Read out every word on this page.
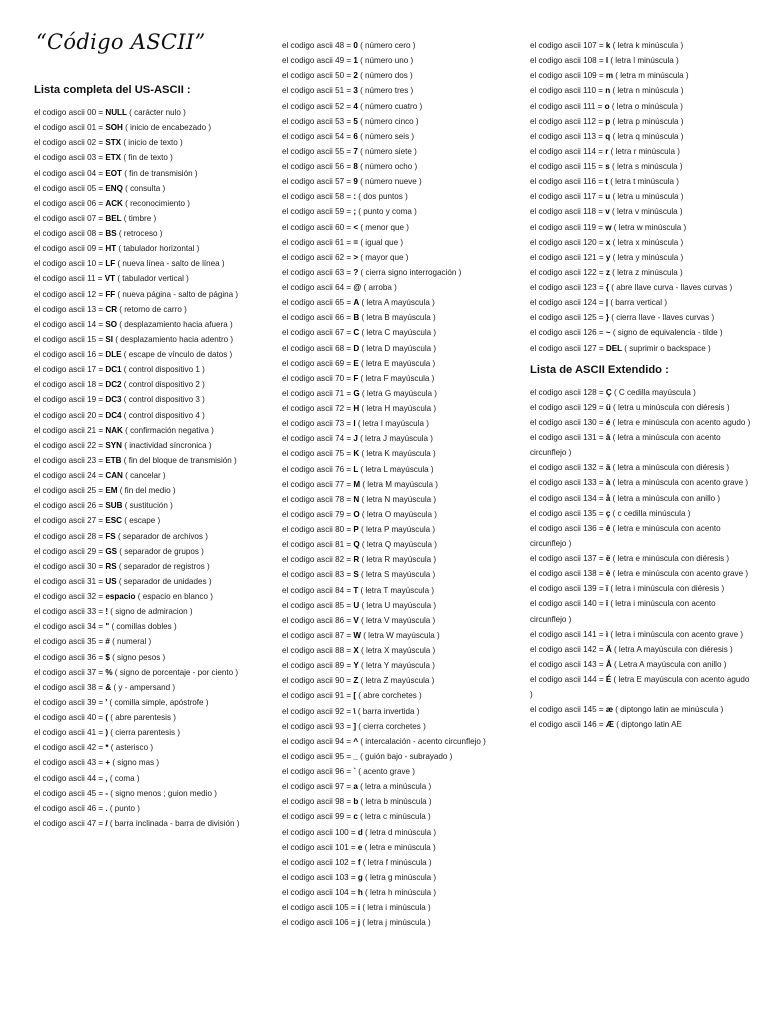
“Código ASCII”
Lista completa del US-ASCII :
el codigo ascii 00 = NULL ( carácter nulo )
el codigo ascii 01 = SOH ( inicio de encabezado )
el codigo ascii 02 = STX ( inicio de texto )
el codigo ascii 03 = ETX ( fin de texto )
el codigo ascii 04 = EOT ( fin de transmisión )
el codigo ascii 05 = ENQ ( consulta )
el codigo ascii 06 = ACK ( reconocimiento )
el codigo ascii 07 = BEL ( timbre )
el codigo ascii 08 = BS ( retroceso )
el codigo ascii 09 = HT ( tabulador horizontal )
el codigo ascii 10 = LF ( nueva línea - salto de línea )
el codigo ascii 11 = VT ( tabulador vertical )
el codigo ascii 12 = FF ( nueva página - salto de página )
el codigo ascii 13 = CR ( retorno de carro )
el codigo ascii 14 = SO ( desplazamiento hacia afuera )
el codigo ascii 15 = SI ( desplazamiento hacia adentro )
el codigo ascii 16 = DLE ( escape de vínculo de datos )
el codigo ascii 17 = DC1 ( control dispositivo 1 )
el codigo ascii 18 = DC2 ( control dispositivo 2 )
el codigo ascii 19 = DC3 ( control dispositivo 3 )
el codigo ascii 20 = DC4 ( control dispositivo 4 )
el codigo ascii 21 = NAK ( confirmación negativa )
el codigo ascii 22 = SYN ( inactividad síncronica )
el codigo ascii 23 = ETB ( fin del bloque de transmisión )
el codigo ascii 24 = CAN ( cancelar )
el codigo ascii 25 = EM ( fin del medio )
el codigo ascii 26 = SUB ( sustitución )
el codigo ascii 27 = ESC ( escape )
el codigo ascii 28 = FS ( separador de archivos )
el codigo ascii 29 = GS ( separador de grupos )
el codigo ascii 30 = RS ( separador de registros )
el codigo ascii 31 = US ( separador de unidades )
el codigo ascii 32 = espacio ( espacio en blanco )
el codigo ascii 33 = ! ( signo de admiracion )
el codigo ascii 34 = " ( comillas dobles )
el codigo ascii 35 = # ( numeral )
el codigo ascii 36 = $ ( signo pesos )
el codigo ascii 37 = % ( signo de porcentaje - por ciento )
el codigo ascii 38 = & ( y - ampersand )
el codigo ascii 39 = ' ( comilla simple, apóstrofe )
el codigo ascii 40 = ( ( abre parentesis )
el codigo ascii 41 = ) ( cierra parentesis )
el codigo ascii 42 = * ( asterisco )
el codigo ascii 43 = + ( signo mas )
el codigo ascii 44 = , ( coma )
el codigo ascii 45 = - ( signo menos ; guion medio )
el codigo ascii 46 = . ( punto )
el codigo ascii 47 = / ( barra inclinada - barra de división )
el codigo ascii 48 = 0 ( número cero )
el codigo ascii 49 = 1 ( número uno )
el codigo ascii 50 = 2 ( número dos )
el codigo ascii 51 = 3 ( número tres )
el codigo ascii 52 = 4 ( número cuatro )
el codigo ascii 53 = 5 ( número cinco )
el codigo ascii 54 = 6 ( número seis )
el codigo ascii 55 = 7 ( número siete )
el codigo ascii 56 = 8 ( número ocho )
el codigo ascii 57 = 9 ( número nueve )
el codigo ascii 58 = : ( dos puntos )
el codigo ascii 59 = ; ( punto y coma )
el codigo ascii 60 = < ( menor que )
el codigo ascii 61 = = ( igual que )
el codigo ascii 62 = > ( mayor que )
el codigo ascii 63 = ? ( cierra signo interrogación )
el codigo ascii 64 = @ ( arroba )
el codigo ascii 65 = A ( letra A mayúscula )
el codigo ascii 66 = B ( letra B mayúscula )
el codigo ascii 67 = C ( letra C mayúscula )
el codigo ascii 68 = D ( letra D mayúscula )
el codigo ascii 69 = E ( letra E mayúscula )
el codigo ascii 70 = F ( letra F mayúscula )
el codigo ascii 71 = G ( letra G mayúscula )
el codigo ascii 72 = H ( letra H mayúscula )
el codigo ascii 73 = I ( letra I mayúscula )
el codigo ascii 74 = J ( letra J mayúscula )
el codigo ascii 75 = K ( letra K mayúscula )
el codigo ascii 76 = L ( letra L mayúscula )
el codigo ascii 77 = M ( letra M mayúscula )
el codigo ascii 78 = N ( letra N mayúscula )
el codigo ascii 79 = O ( letra O mayúscula )
el codigo ascii 80 = P ( letra P mayúscula )
el codigo ascii 81 = Q ( letra Q mayúscula )
el codigo ascii 82 = R ( letra R mayúscula )
el codigo ascii 83 = S ( letra S mayúscula )
el codigo ascii 84 = T ( letra T mayúscula )
el codigo ascii 85 = U ( letra U mayúscula )
el codigo ascii 86 = V ( letra V mayúscula )
el codigo ascii 87 = W ( letra W mayúscula )
el codigo ascii 88 = X ( letra X mayúscula )
el codigo ascii 89 = Y ( letra Y mayúscula )
el codigo ascii 90 = Z ( letra Z mayúscula )
el codigo ascii 91 = [ ( abre corchetes )
el codigo ascii 92 = \ ( barra invertida )
el codigo ascii 93 = ] ( cierra corchetes )
el codigo ascii 94 = ^ ( intercalación - acento circunflejo )
el codigo ascii 95 = _ ( guión bajo - subrayado )
el codigo ascii 96 = ` ( acento grave )
el codigo ascii 97 = a ( letra a minúscula )
el codigo ascii 98 = b ( letra b minúscula )
el codigo ascii 99 = c ( letra c minúscula )
el codigo ascii 100 = d ( letra d minúscula )
el codigo ascii 101 = e ( letra e minúscula )
el codigo ascii 102 = f ( letra f minúscula )
el codigo ascii 103 = g ( letra g minúscula )
el codigo ascii 104 = h ( letra h minúscula )
el codigo ascii 105 = i ( letra i minúscula )
el codigo ascii 106 = j ( letra j minúscula )
el codigo ascii 107 = k ( letra k minúscula )
el codigo ascii 108 = l ( letra l minúscula )
el codigo ascii 109 = m ( letra m minúscula )
el codigo ascii 110 = n ( letra n minúscula )
el codigo ascii 111 = o ( letra o minúscula )
el codigo ascii 112 = p ( letra p minúscula )
el codigo ascii 113 = q ( letra q minúscula )
el codigo ascii 114 = r ( letra r minúscula )
el codigo ascii 115 = s ( letra s minúscula )
el codigo ascii 116 = t ( letra t minúscula )
el codigo ascii 117 = u ( letra u minúscula )
el codigo ascii 118 = v ( letra v minúscula )
el codigo ascii 119 = w ( letra w minúscula )
el codigo ascii 120 = x ( letra x minúscula )
el codigo ascii 121 = y ( letra y minúscula )
el codigo ascii 122 = z ( letra z minúscula )
el codigo ascii 123 = { ( abre llave curva - llaves curvas )
el codigo ascii 124 = | ( barra vertical )
el codigo ascii 125 = } ( cierra llave - llaves curvas )
el codigo ascii 126 = ~ ( signo de equivalencia - tilde )
el codigo ascii 127 = DEL ( suprimir o backspace )
Lista de ASCII Extendido :
el codigo ascii 128 = Ç ( C cedilla mayúscula )
el codigo ascii 129 = ü ( letra u minúscula con diéresis )
el codigo ascii 130 = é ( letra e minúscula con acento agudo )
el codigo ascii 131 = â ( letra a minúscula con acento circunflejo )
el codigo ascii 132 = ä ( letra a minúscula con diéresis )
el codigo ascii 133 = à ( letra a minúscula con acento grave )
el codigo ascii 134 = å ( letra a minúscula con anillo )
el codigo ascii 135 = ç ( c cedilla minúscula )
el codigo ascii 136 = ê ( letra e minúscula con acento circunflejo )
el codigo ascii 137 = ë ( letra e minúscula con diéresis )
el codigo ascii 138 = è ( letra e minúscula con acento grave )
el codigo ascii 139 = ï ( letra i minúscula con diéresis )
el codigo ascii 140 = î ( letra i minúscula con acento circunflejo )
el codigo ascii 141 = ì ( letra i minúscula con acento grave )
el codigo ascii 142 = Ä ( letra A mayúscula con diéresis )
el codigo ascii 143 = Å ( Letra A mayúscula con anillo )
el codigo ascii 144 = É ( letra E mayúscula con acento agudo )
el codigo ascii 145 = æ ( diptongo latin ae minúscula )
el codigo ascii 146 = Æ ( diptongo latin AE
